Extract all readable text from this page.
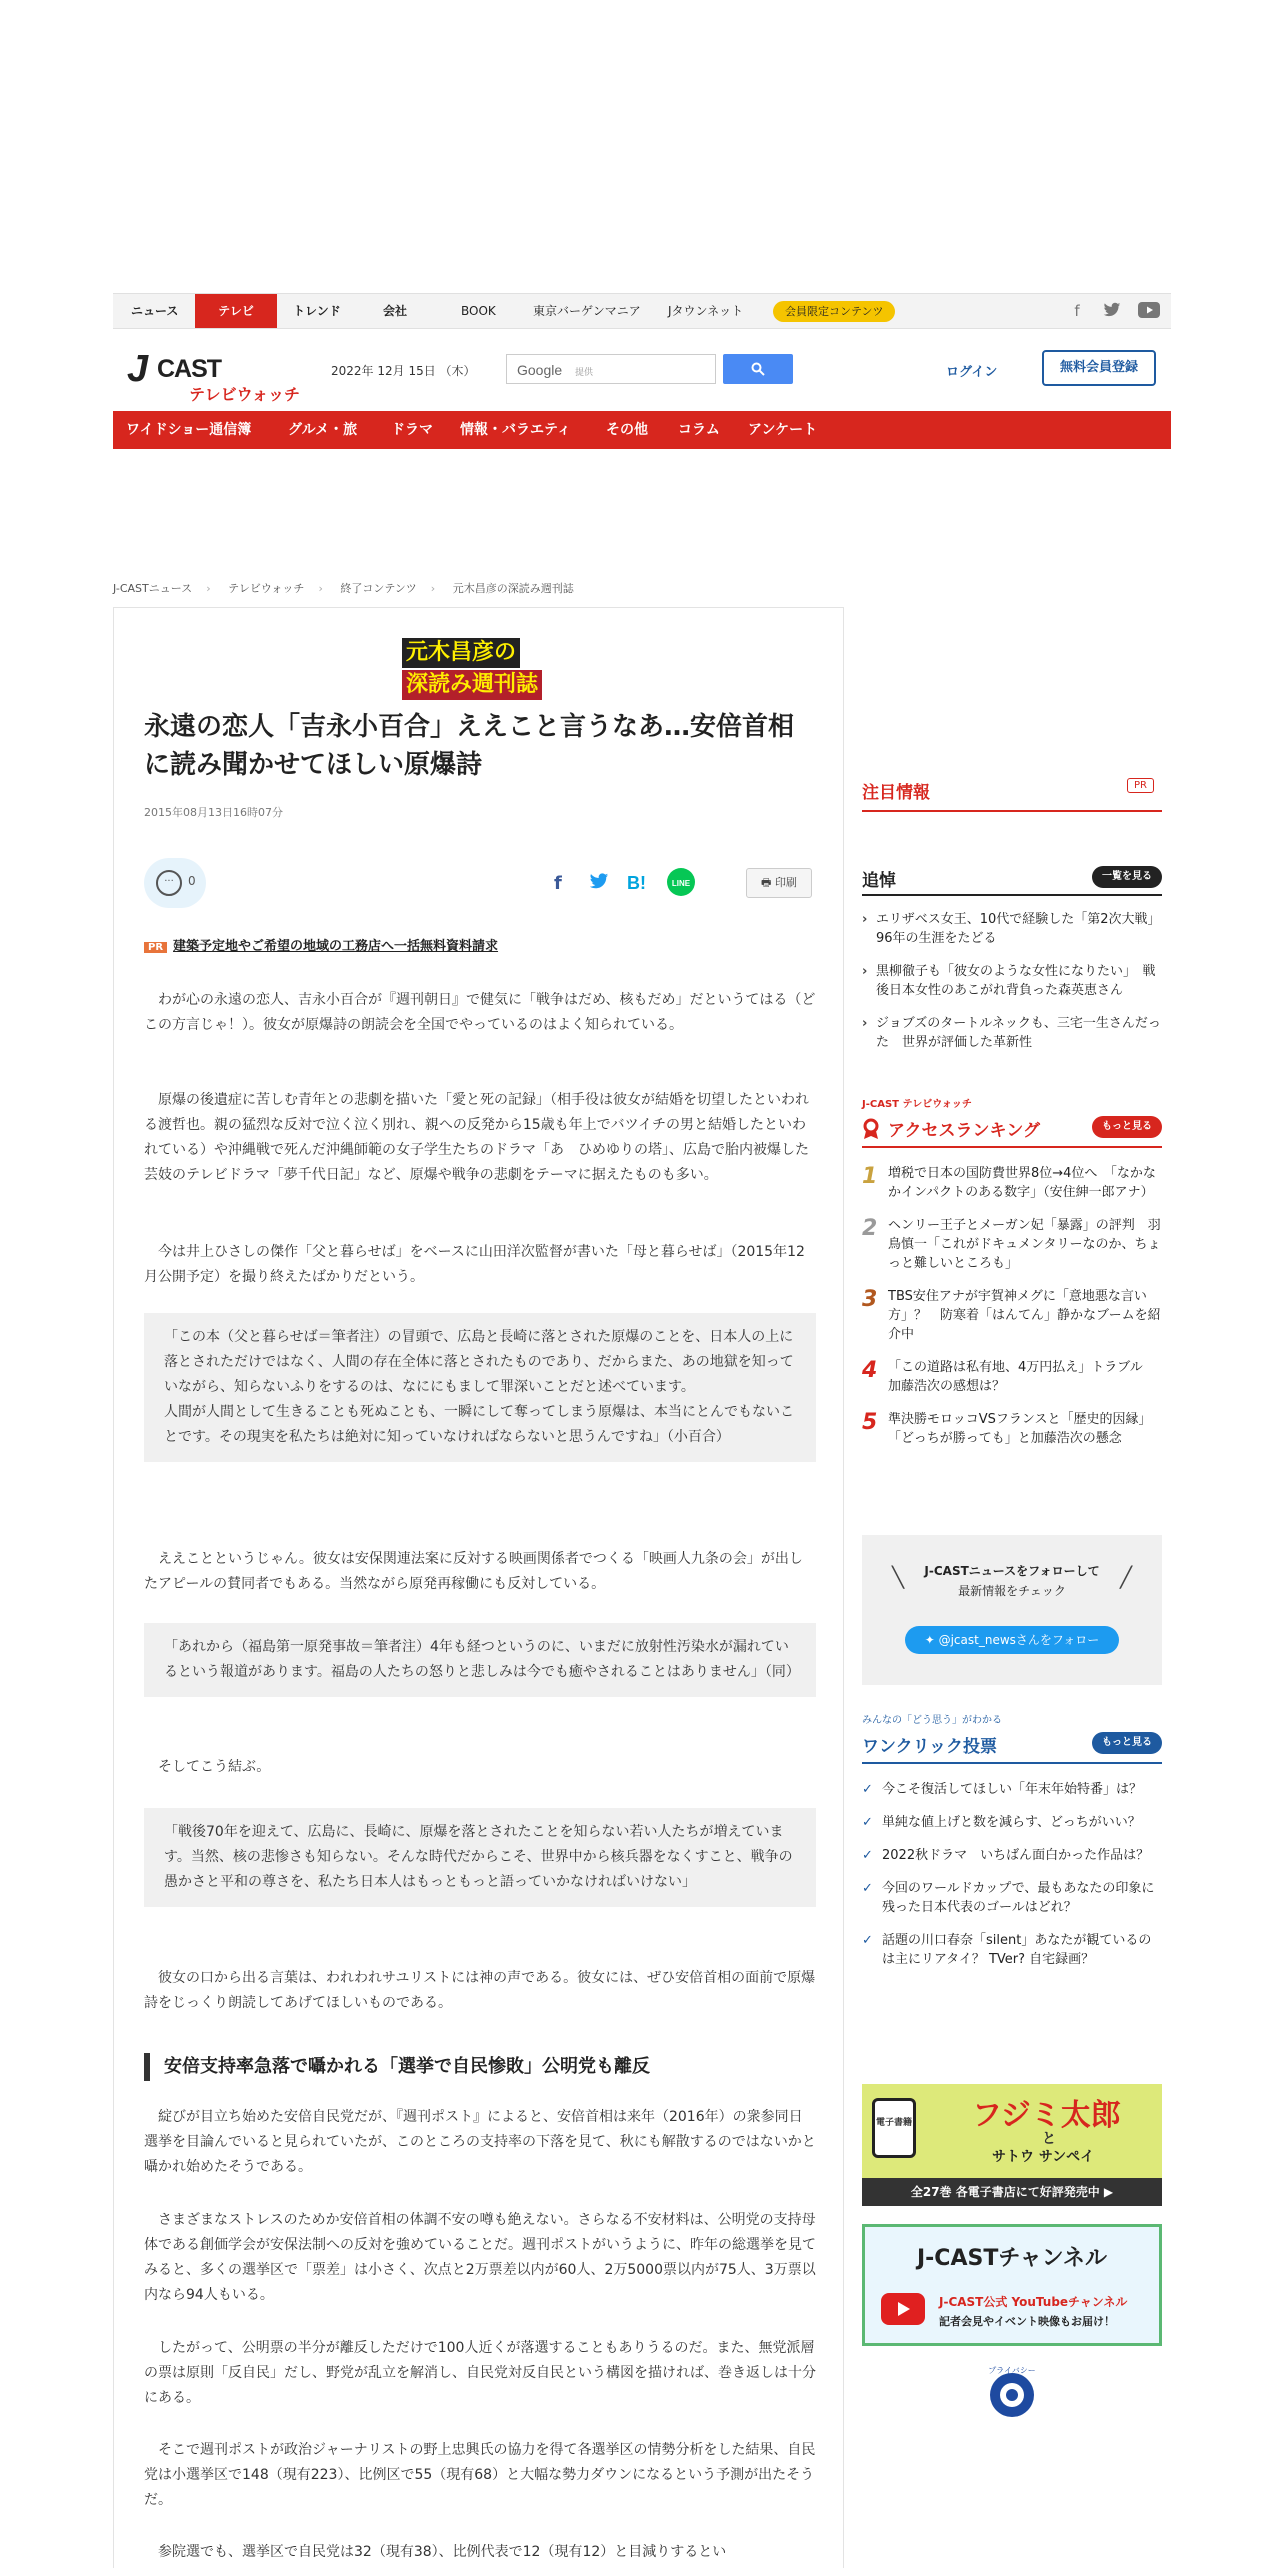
ニュース	テレビ	トレンド	会社	BOOK	東京バーゲンマニア Jタウンネット	会員限定コンテンツ	f
J CAST
テレビウォッチ
2022年 12月 15日 （木）	Google 提供	ログイン	無料会員登録
ワイドショー通信簿	グルメ・旅 ドラマ 情報・バラエティ	その他 コラム アンケート
J-CASTニュース › テレビウォッチ › 終了コンテンツ › 元木昌彦の深読み週刊誌
元木昌彦の
深読み週刊誌
永遠の恋人「吉永小百合」ええこと言うなあ…安倍首相に読み聞かせてほしい原爆詩
2015年08月13日16時07分
···	0	f	B!	LINE	🖶 印刷
PR 建築予定地やご希望の地域の工務店へ一括無料資料請求

わが心の永遠の恋人、吉永小百合が『週刊朝日』で健気に「戦争はだめ、核もだめ」だというてはる（どこの方言じゃ！）。彼女が原爆詩の朗読会を全国でやっているのはよく知られている。

原爆の後遺症に苦しむ青年との悲劇を描いた「愛と死の記録」（相手役は彼女が結婚を切望したといわれる渡哲也。親の猛烈な反対で泣く泣く別れ、親への反発から15歳も年上でバツイチの男と結婚したといわれている）や沖縄戦で死んだ沖縄師範の女子学生たちのドラマ「あ　ひめゆりの塔」、広島で胎内被爆した芸妓のテレビドラマ「夢千代日記」など、原爆や戦争の悲劇をテーマに据えたものも多い。

今は井上ひさしの傑作「父と暮らせば」をベースに山田洋次監督が書いた「母と暮らせば」（2015年12月公開予定）を撮り終えたばかりだという。

「この本（父と暮らせば＝筆者注）の冒頭で、広島と長崎に落とされた原爆のことを、日本人の上に落とされただけではなく、人間の存在全体に落とされたものであり、だからまた、あの地獄を知っていながら、知らないふりをするのは、なににもまして罪深いことだと述べています。
人間が人間として生きることも死ぬことも、一瞬にして奪ってしまう原爆は、本当にとんでもないことです。その現実を私たちは絶対に知っていなければならないと思うんですね」（小百合）

ええことというじゃん。彼女は安保関連法案に反対する映画関係者でつくる「映画人九条の会」が出したアピールの賛同者でもある。当然ながら原発再稼働にも反対している。

「あれから（福島第一原発事故＝筆者注）4年も経つというのに、いまだに放射性汚染水が漏れているという報道があります。福島の人たちの怒りと悲しみは今でも癒やされることはありません」（同）

そしてこう結ぶ。

「戦後70年を迎えて、広島に、長崎に、原爆を落とされたことを知らない若い人たちが増えています。当然、核の悲惨さも知らない。そんな時代だからこそ、世界中から核兵器をなくすこと、戦争の愚かさと平和の尊さを、私たち日本人はもっともっと語っていかなければいけない」

彼女の口から出る言葉は、われわれサユリストには神の声である。彼女には、ぜひ安倍首相の面前で原爆詩をじっくり朗読してあげてほしいものである。

安倍支持率急落で囁かれる「選挙で自民惨敗」公明党も離反

綻びが目立ち始めた安倍自民党だが、『週刊ポスト』によると、安倍首相は来年（2016年）の衆参同日選挙を目論んでいると見られていたが、このところの支持率の下落を見て、秋にも解散するのではないかと囁かれ始めたそうである。

さまざまなストレスのためか安倍首相の体調不安の噂も絶えない。さらなる不安材料は、公明党の支持母体である創価学会が安保法制への反対を強めていることだ。週刊ポストがいうように、昨年の総選挙を見てみると、多くの選挙区で「票差」は小さく、次点と2万票差以内が60人、2万5000票以内が75人、3万票以内なら94人もいる。

したがって、公明票の半分が離反しただけで100人近くが落選することもありうるのだ。また、無党派層の票は原則「反自民」だし、野党が乱立を解消し、自民党対反自民という構図を描ければ、巻き返しは十分にある。

そこで週刊ポストが政治ジャーナリストの野上忠興氏の協力を得て各選挙区の情勢分析をした結果、自民党は小選挙区で148（現有223）、比例区で55（現有68）と大幅な勢力ダウンになるという予測が出たそうだ。

参院選でも、選挙区で自民党は32（現有38）、比例代表で12（現有12）と目減りするとい

注目情報	PR
追悼	一覧を見る
› エリザベス女王、10代で経験した「第2次大戦」　96年の生涯をたどる
› 黒柳徹子も「彼女のような女性になりたい」　戦後日本女性のあこがれ背負った森英恵さん
› ジョブズのタートルネックも、三宅一生さんだった　世界が評価した革新性
J-CAST テレビウォッチ
アクセスランキング	もっと見る
1 増税で日本の国防費世界8位→4位へ　「なかなかインパクトのある数字」（安住紳一郎アナ）
2 ヘンリー王子とメーガン妃「暴露」の評判　羽鳥慎一「これがドキュメンタリーなのか、ちょっと難しいところも」
3 TBS安住アナが宇賀神メグに「意地悪な言い方」？　防寒着「はんてん」静かなブームを紹介中
4 「この道路は私有地、4万円払え」トラブル　加藤浩次の感想は？
5 準決勝モロッコVSフランスと「歴史的因縁」「どっちが勝っても」と加藤浩次の懸念
╲	╱
J-CASTニュースをフォローして
最新情報をチェック
✦ @jcast_newsさんをフォロー
みんなの「どう思う」がわかる
ワンクリック投票	もっと見る
✓ 今こそ復活してほしい「年末年始特番」は？
✓ 単純な値上げと数を減らす、どっちがいい？
✓ 2022秋ドラマ　いちばん面白かった作品は？
✓ 今回のワールドカップで、最もあなたの印象に残った日本代表のゴールはどれ？
✓ 話題の川口春奈「silent」あなたが観ているのは主にリアタイ？ TVer? 自宅録画？
電子書籍 フジミ太郎
と
サトウ サンペイ
全27巻 各電子書店にて好評発売中 ▶
J-CASTチャンネル
J-CAST公式 YouTubeチャンネル
記者会見やイベント映像もお届け！
プライバシー
